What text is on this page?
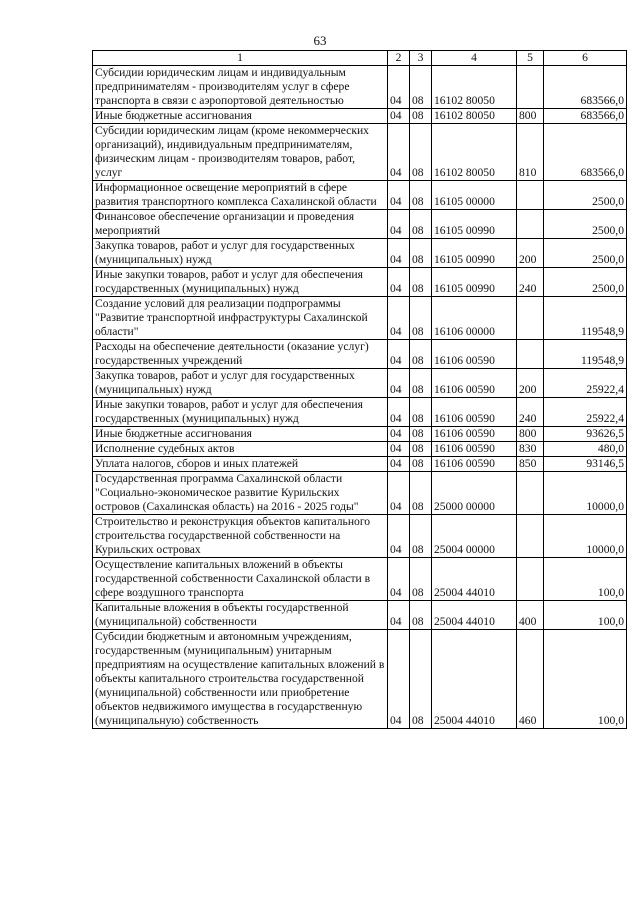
63
1	2	3	4	5	6
Субсидии юридическим лицам и индивидуальным предпринимателям - производителям услуг в сфере транспорта в связи с аэропортовой деятельностью	04	08	16102 80050		683566,0
Иные бюджетные ассигнования	04	08	16102 80050	800	683566,0
Субсидии юридическим лицам (кроме некоммерческих организаций), индивидуальным предпринимателям, физическим лицам - производителям товаров, работ, услуг	04	08	16102 80050	810	683566,0
Информационное освещение мероприятий в сфере развития транспортного комплекса Сахалинской области	04	08	16105 00000		2500,0
Финансовое обеспечение организации и проведения мероприятий	04	08	16105 00990		2500,0
Закупка товаров, работ и услуг для государственных (муниципальных) нужд	04	08	16105 00990	200	2500,0
Иные закупки товаров, работ и услуг для обеспечения государственных (муниципальных) нужд	04	08	16105 00990	240	2500,0
Создание условий для реализации подпрограммы "Развитие транспортной инфраструктуры Сахалинской области"	04	08	16106 00000		119548,9
Расходы на обеспечение деятельности (оказание услуг) государственных учреждений	04	08	16106 00590		119548,9
Закупка товаров, работ и услуг для государственных (муниципальных) нужд	04	08	16106 00590	200	25922,4
Иные закупки товаров, работ и услуг для обеспечения государственных (муниципальных) нужд	04	08	16106 00590	240	25922,4
Иные бюджетные ассигнования	04	08	16106 00590	800	93626,5
Исполнение судебных актов	04	08	16106 00590	830	480,0
Уплата налогов, сборов и иных платежей	04	08	16106 00590	850	93146,5
Государственная программа Сахалинской области "Социально-экономическое развитие Курильских островов (Сахалинская область) на 2016 - 2025 годы"	04	08	25000 00000		10000,0
Строительство и реконструкция объектов капитального строительства государственной собственности на Курильских островах	04	08	25004 00000		10000,0
Осуществление капитальных вложений в объекты государственной собственности Сахалинской области в сфере воздушного транспорта	04	08	25004 44010		100,0
Капитальные вложения в объекты государственной (муниципальной) собственности	04	08	25004 44010	400	100,0
Субсидии бюджетным и автономным учреждениям, государственным (муниципальным) унитарным предприятиям на осуществление капитальных вложений в объекты капитального строительства государственной (муниципальной) собственности или приобретение объектов недвижимого имущества в государственную (муниципальную) собственность	04	08	25004 44010	460	100,0
